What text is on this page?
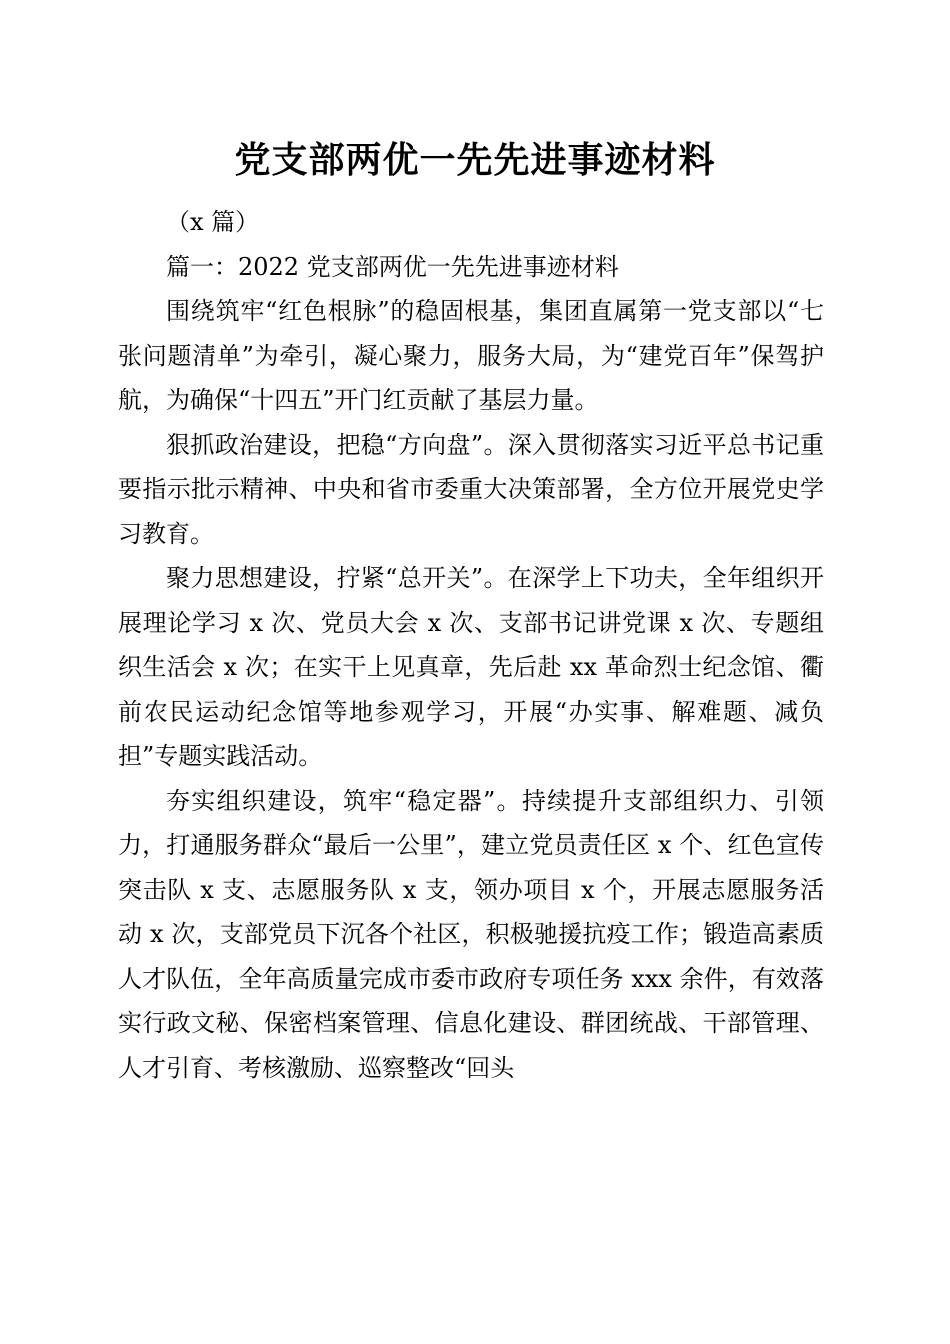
党支部两优一先先进事迹材料

（x 篇）

篇一：2022 党支部两优一先先进事迹材料

围绕筑牢“红色根脉”的稳固根基，集团直属第一党支部以“七张问题清单”为牵引，凝心聚力，服务大局，为“建党百年”保驾护航，为确保“十四五”开门红贡献了基层力量。

狠抓政治建设，把稳“方向盘”。深入贯彻落实习近平总书记重要指示批示精神、中央和省市委重大决策部署，全方位开展党史学习教育。

聚力思想建设，拧紧“总开关”。在深学上下功夫，全年组织开展理论学习 x 次、党员大会 x 次、支部书记讲党课 x 次、专题组织生活会 x 次；在实干上见真章，先后赴 xx 革命烈士纪念馆、衢前农民运动纪念馆等地参观学习，开展“办实事、解难题、减负担”专题实践活动。

夯实组织建设，筑牢“稳定器”。持续提升支部组织力、引领力，打通服务群众“最后一公里”，建立党员责任区 x 个、红色宣传突击队 x 支、志愿服务队 x 支，领办项目 x 个，开展志愿服务活动 x 次，支部党员下沉各个社区，积极驰援抗疫工作；锻造高素质人才队伍，全年高质量完成市委市政府专项任务 xxx 余件，有效落实行政文秘、保密档案管理、信息化建设、群团统战、干部管理、人才引育、考核激励、巡察整改“回头
